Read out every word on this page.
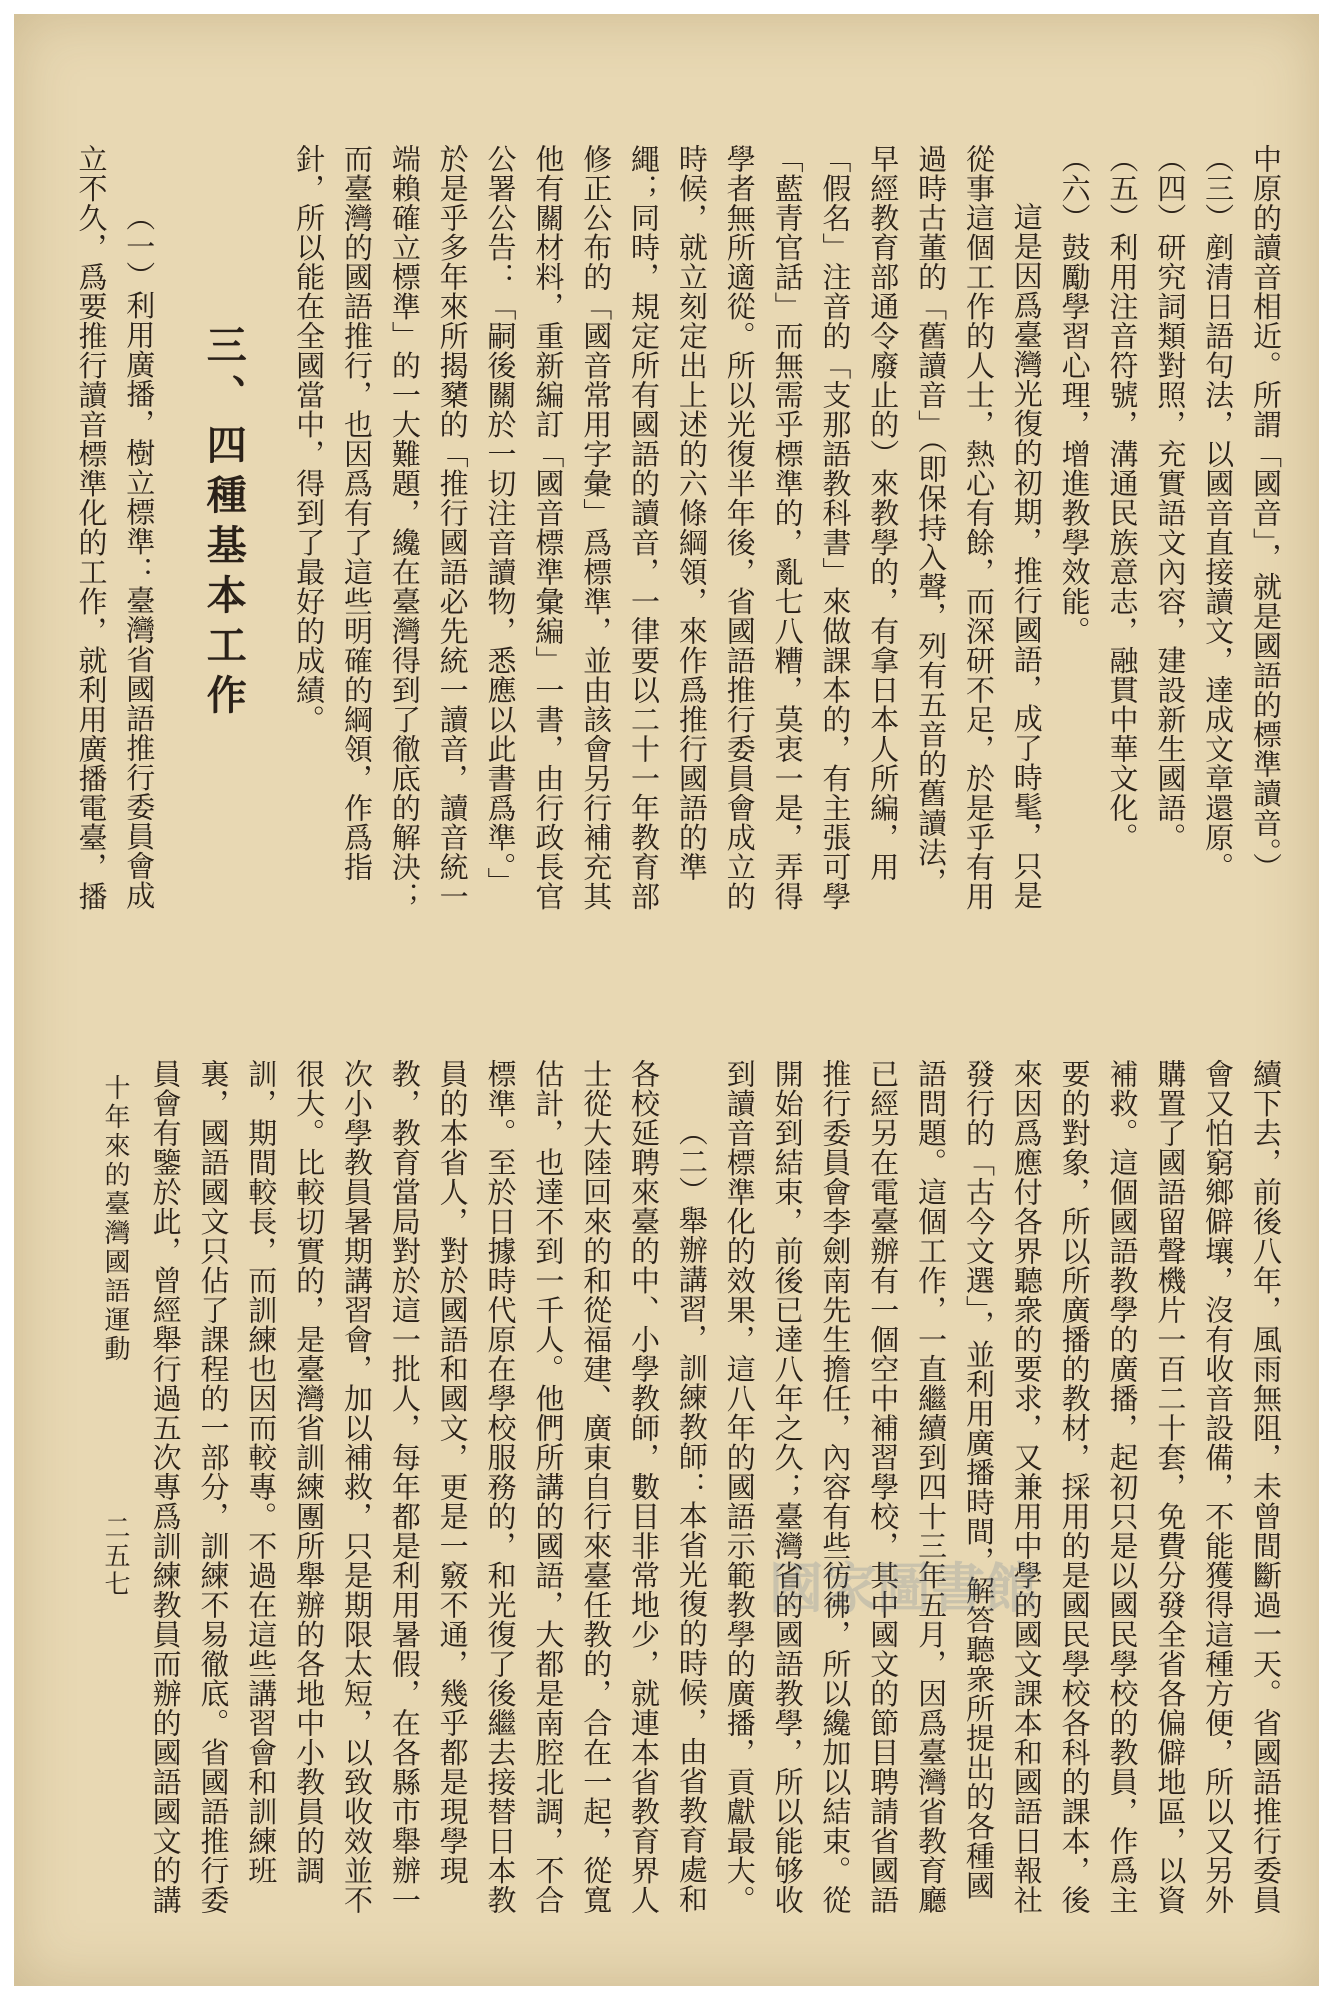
中原的讀音相近。所謂「國音」，就是國語的標準讀音。）

（三）剷清日語句法，以國音直接讀文，達成文章還原。

（四）研究詞類對照，充實語文內容，建設新生國語。

（五）利用注音符號，溝通民族意志，融貫中華文化。

（六）鼓勵學習心理，增進教學效能。

這是因爲臺灣光復的初期，推行國語，成了時髦，只是從事這個工作的人士，熱心有餘，而深研不足，於是乎有用過時古董的「舊讀音」（即保持入聲，列有五音的舊讀法，早經教育部通令廢止的）來教學的，有拿日本人所編，用「假名」注音的「支那語教科書」來做課本的，有主張可學「藍青官話」而無需乎標準的，亂七八糟，莫衷一是，弄得學者無所適從。所以光復半年後，省國語推行委員會成立的時候，就立刻定出上述的六條綱領，來作爲推行國語的準繩；同時，規定所有國語的讀音，一律要以二十一年教育部修正公布的「國音常用字彙」爲標準，並由該會另行補充其他有關材料，重新編訂「國音標準彙編」一書，由行政長官公署公告：「嗣後關於一切注音讀物，悉應以此書爲準。」於是乎多年來所揭櫫的「推行國語必先統一讀音，讀音統一端賴確立標準」的一大難題，纔在臺灣得到了徹底的解決；而臺灣的國語推行，也因爲有了這些明確的綱領，作爲指針，所以能在全國當中，得到了最好的成績。

三、四種基本工作

（一）利用廣播，樹立標準：臺灣省國語推行委員會成立不久，爲要推行讀音標準化的工作，就利用廣播電臺，播

續下去，前後八年，風雨無阻，未曾間斷過一天。省國語推行委員會又怕窮鄉僻壤，沒有收音設備，不能獲得這種方便，所以又另外購置了國語留聲機片一百二十套，免費分發全省各偏僻地區，以資補救。這個國語教學的廣播，起初只是以國民學校的教員，作爲主要的對象，所以所廣播的教材，採用的是國民學校各科的課本，後來因爲應付各界聽衆的要求，又兼用中學的國文課本和國語日報社發行的「古今文選」，並利用廣播時間，解答聽衆所提出的各種國語問題。這個工作，一直繼續到四十三年五月，因爲臺灣省教育廳已經另在電臺辦有一個空中補習學校，其中國文的節目聘請省國語推行委員會李劍南先生擔任，內容有些彷彿，所以纔加以結束。從開始到結束，前後已達八年之久；臺灣省的國語教學，所以能够收到讀音標準化的效果，這八年的國語示範教學的廣播，貢獻最大。

（二）舉辦講習，訓練教師：本省光復的時候，由省教育處和各校延聘來臺的中、小學教師，數目非常地少，就連本省教育界人士從大陸回來的和從福建、廣東自行來臺任教的，合在一起，從寬估計，也達不到一千人。他們所講的國語，大都是南腔北調，不合標準。至於日據時代原在學校服務的，和光復了後繼去接替日本教員的本省人，對於國語和國文，更是一竅不通，幾乎都是現學現教，教育當局對於這一批人，每年都是利用暑假，在各縣市舉辦一次小學教員暑期講習會，加以補救，只是期限太短，以致收效並不很大。比較切實的，是臺灣省訓練團所舉辦的各地中小教員的調訓，期間較長，而訓練也因而較專。不過在這些講習會和訓練班裏，國語國文只佔了課程的一部分，訓練不易徹底。省國語推行委員會有鑒於此，曾經舉行過五次專爲訓練教員而辦的國語國文的講

十年來的臺灣國語運動
二五七	國家圖書館
